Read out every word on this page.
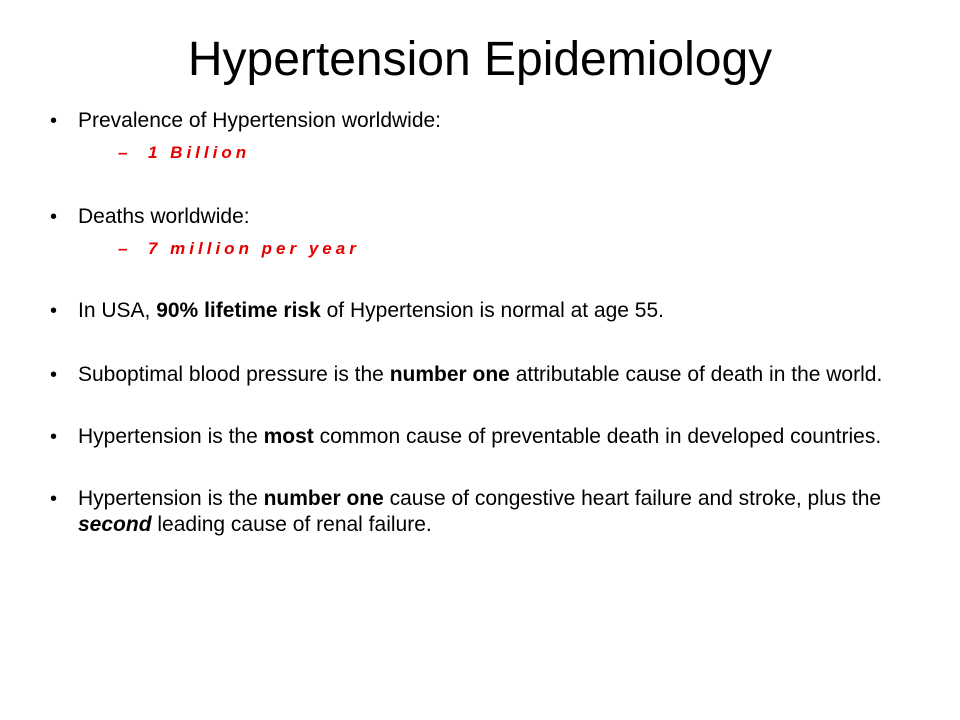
Hypertension Epidemiology
• Prevalence of Hypertension worldwide:
– 1 Billion
• Deaths worldwide:
– 7 million per year
• In USA, 90% lifetime risk of Hypertension is normal at age 55.
• Suboptimal blood pressure is the number one attributable cause of death in the world.
• Hypertension is the most common cause of preventable death in developed countries.
• Hypertension is the number one cause of congestive heart failure and stroke, plus the second leading cause of renal failure.
